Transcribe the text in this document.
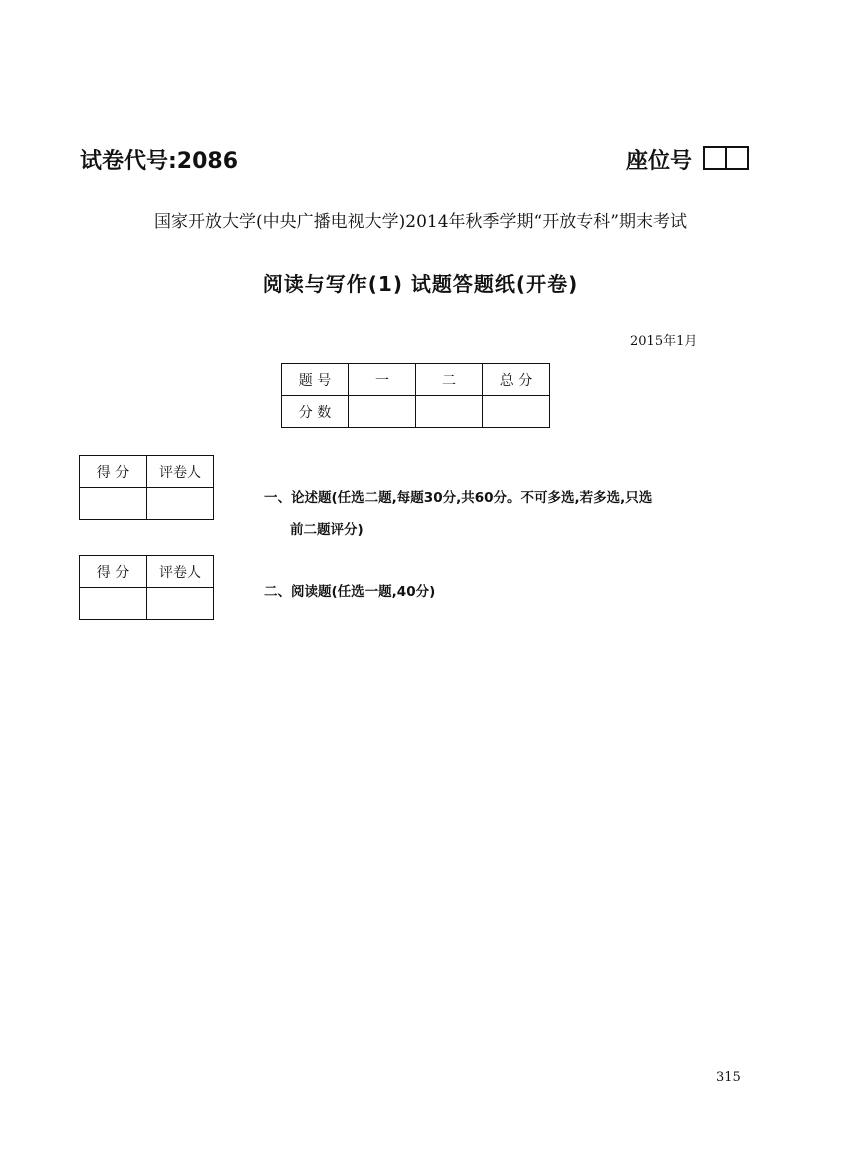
试卷代号:2086	座位号
国家开放大学(中央广播电视大学)2014年秋季学期“开放专科”期末考试
阅读与写作(1) 试题答题纸(开卷)
2015年1月
题 号	一	二	总 分
分 数			
得 分	评卷人

一、论述题(任选二题,每题30分,共60分。不可多选,若多选,只选
前二题评分)
得 分	评卷人

二、阅读题(任选一题,40分)
315
